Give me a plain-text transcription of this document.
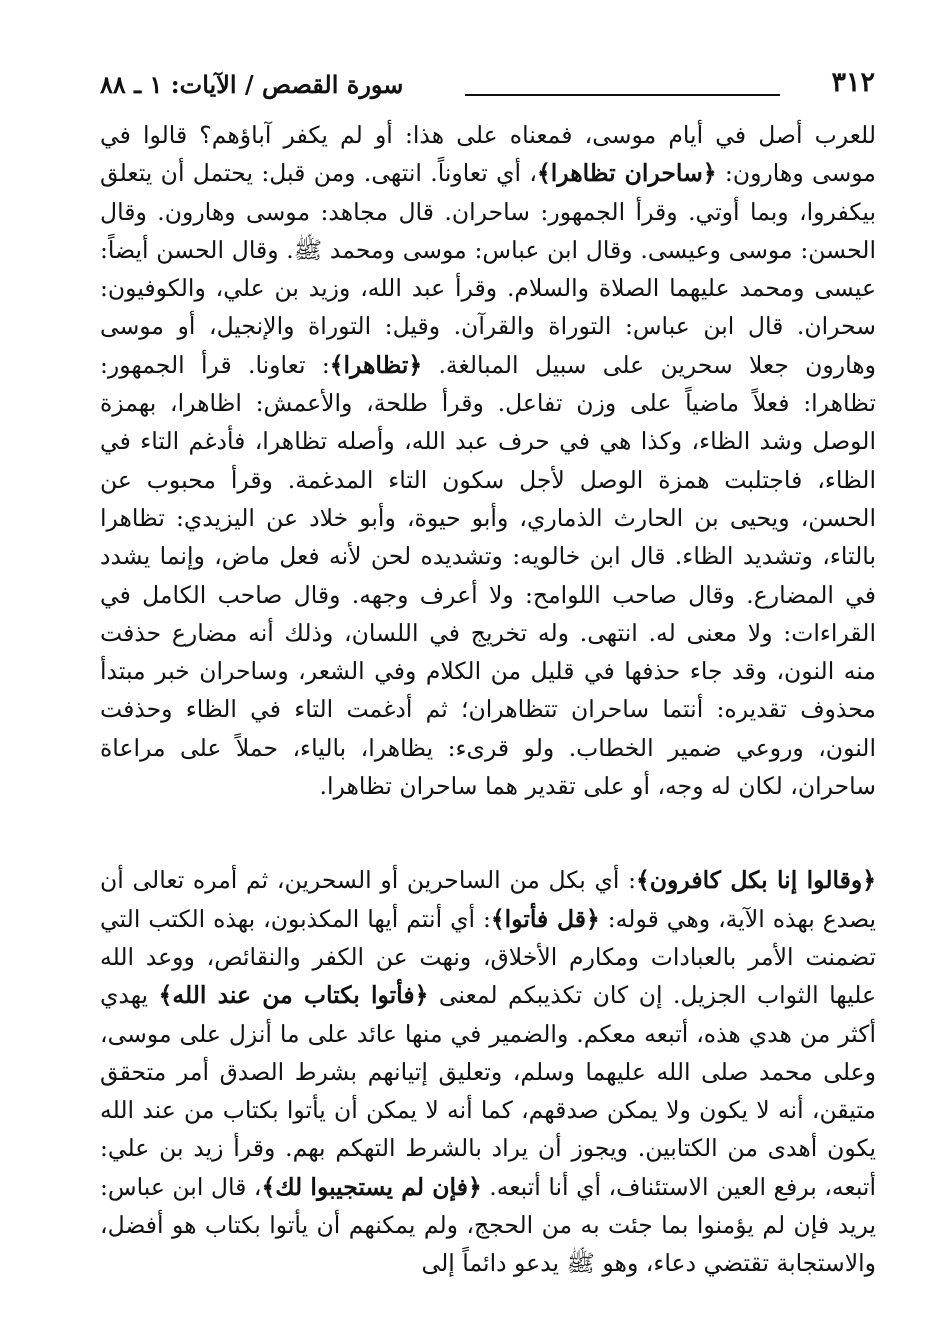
٣١٢
سورة القصص / الآيات: ١ ـ ٨٨

للعرب أصل في أيام موسى، فمعناه على هذا: أو لم يكفر آباؤهم؟ قالوا في موسى وهارون: ﴿ساحران تظاهرا﴾، أي تعاوناً. انتهى. ومن قبل: يحتمل أن يتعلق بيكفروا، وبما أوتي. وقرأ الجمهور: ساحران. قال مجاهد: موسى وهارون. وقال الحسن: موسى وعيسى. وقال ابن عباس: موسى ومحمد ﷺ. وقال الحسن أيضاً: عيسى ومحمد عليهما الصلاة والسلام. وقرأ عبد الله، وزيد بن علي، والكوفيون: سحران. قال ابن عباس: التوراة والقرآن. وقيل: التوراة والإنجيل، أو موسى وهارون جعلا سحرين على سبيل المبالغة. ﴿تظاهرا﴾: تعاونا. قرأ الجمهور: تظاهرا: فعلاً ماضياً على وزن تفاعل. وقرأ طلحة، والأعمش: اظاهرا، بهمزة الوصل وشد الظاء، وكذا هي في حرف عبد الله، وأصله تظاهرا، فأدغم التاء في الظاء، فاجتلبت همزة الوصل لأجل سكون التاء المدغمة. وقرأ محبوب عن الحسن، ويحيى بن الحارث الذماري، وأبو حيوة، وأبو خلاد عن اليزيدي: تظاهرا بالتاء، وتشديد الظاء. قال ابن خالويه: وتشديده لحن لأنه فعل ماض، وإنما يشدد في المضارع. وقال صاحب اللوامح: ولا أعرف وجهه. وقال صاحب الكامل في القراءات: ولا معنى له. انتهى. وله تخريج في اللسان، وذلك أنه مضارع حذفت منه النون، وقد جاء حذفها في قليل من الكلام وفي الشعر، وساحران خبر مبتدأ محذوف تقديره: أنتما ساحران تتظاهران؛ ثم أدغمت التاء في الظاء وحذفت النون، وروعي ضمير الخطاب. ولو قرىء: يظاهرا، بالياء، حملاً على مراعاة ساحران، لكان له وجه، أو على تقدير هما ساحران تظاهرا.

﴿وقالوا إنا بكل كافرون﴾: أي بكل من الساحرين أو السحرين، ثم أمره تعالى أن يصدع بهذه الآية، وهي قوله: ﴿قل فأتوا﴾: أي أنتم أيها المكذبون، بهذه الكتب التي تضمنت الأمر بالعبادات ومكارم الأخلاق، ونهت عن الكفر والنقائص، ووعد الله عليها الثواب الجزيل. إن كان تكذيبكم لمعنى ﴿فأتوا بكتاب من عند الله﴾ يهدي أكثر من هدي هذه، أتبعه معكم. والضمير في منها عائد على ما أنزل على موسى، وعلى محمد صلى الله عليهما وسلم، وتعليق إتيانهم بشرط الصدق أمر متحقق متيقن، أنه لا يكون ولا يمكن صدقهم، كما أنه لا يمكن أن يأتوا بكتاب من عند الله يكون أهدى من الكتابين. ويجوز أن يراد بالشرط التهكم بهم. وقرأ زيد بن علي: أتبعه، برفع العين الاستئناف، أي أنا أتبعه. ﴿فإن لم يستجيبوا لك﴾، قال ابن عباس: يريد فإن لم يؤمنوا بما جئت به من الحجج، ولم يمكنهم أن يأتوا بكتاب هو أفضل، والاستجابة تقتضي دعاء، وهو ﷺ يدعو دائماً إلى
